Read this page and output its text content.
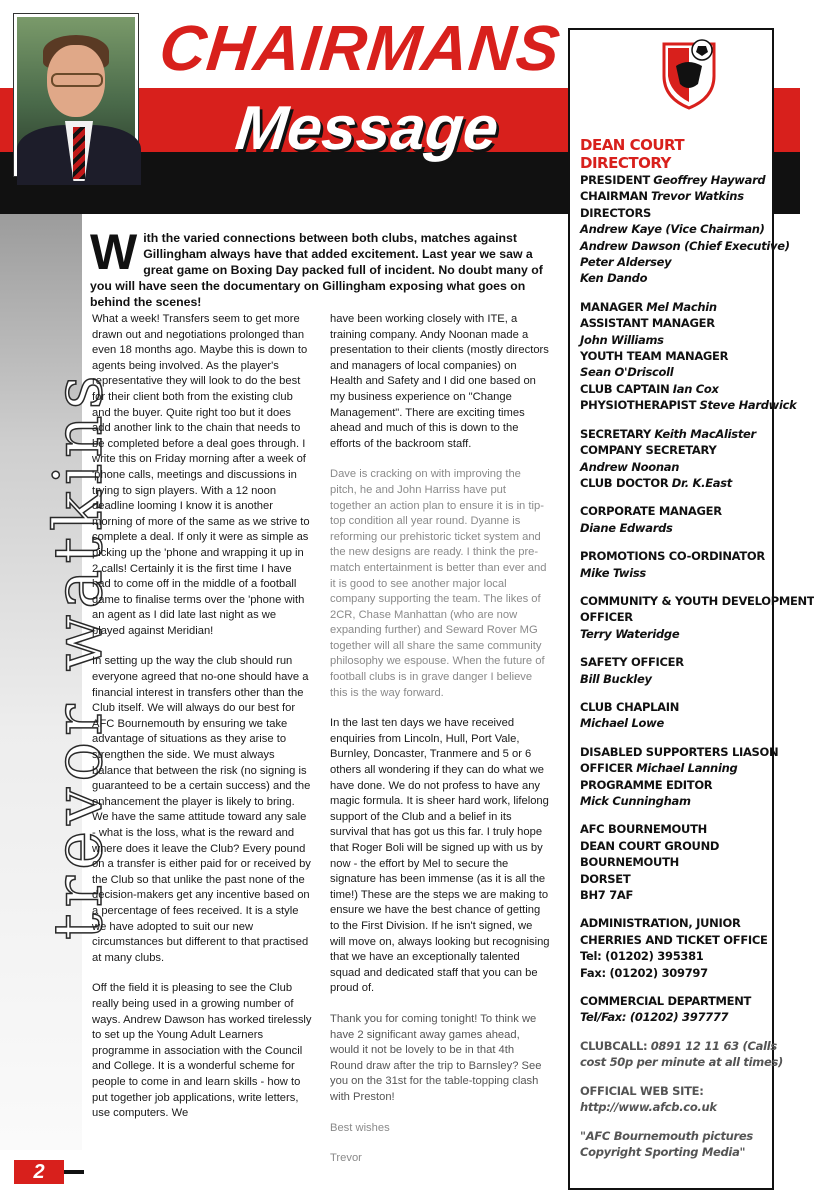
CHAIRMANS
Message
trevor watkins
W ith the varied connections between both clubs, matches against Gillingham always have that added excitement. Last year we saw a great game on Boxing Day packed full of incident. No doubt many of you will have seen the documentary on Gillingham exposing what goes on behind the scenes!

What a week! Transfers seem to get more drawn out and negotiations prolonged than even 18 months ago. Maybe this is down to agents being involved. As the player's representative they will look to do the best for their client both from the existing club and the buyer. Quite right too but it does add another link to the chain that needs to be completed before a deal goes through. I write this on Friday morning after a week of 'phone calls, meetings and discussions in trying to sign players. With a 12 noon deadline looming I know it is another morning of more of the same as we strive to complete a deal. If only it were as simple as picking up the 'phone and wrapping it up in 2 calls! Certainly it is the first time I have had to come off in the middle of a football game to finalise terms over the 'phone with an agent as I did late last night as we played against Meridian!

In setting up the way the club should run everyone agreed that no-one should have a financial interest in transfers other than the Club itself. We will always do our best for AFC Bournemouth by ensuring we take advantage of situations as they arise to strengthen the side. We must always balance that between the risk (no signing is guaranteed to be a certain success) and the enhancement the player is likely to bring. We have the same attitude toward any sale - what is the loss, what is the reward and where does it leave the Club? Every pound on a transfer is either paid for or received by the Club so that unlike the past none of the decision-makers get any incentive based on a percentage of fees received. It is a style we have adopted to suit our new circumstances but different to that practised at many clubs.

Off the field it is pleasing to see the Club really being used in a growing number of ways. Andrew Dawson has worked tirelessly to set up the Young Adult Learners programme in association with the Council and College. It is a wonderful scheme for people to come in and learn skills - how to put together job applications, write letters, use computers. We

have been working closely with ITE, a training company. Andy Noonan made a presentation to their clients (mostly directors and managers of local companies) on Health and Safety and I did one based on my business experience on "Change Management". There are exciting times ahead and much of this is down to the efforts of the backroom staff.

Dave is cracking on with improving the pitch, he and John Harriss have put together an action plan to ensure it is in tip-top condition all year round. Dyanne is reforming our prehistoric ticket system and the new designs are ready. I think the pre-match entertainment is better than ever and it is good to see another major local company supporting the team. The likes of 2CR, Chase Manhattan (who are now expanding further) and Seward Rover MG together will all share the same community philosophy we espouse. When the future of football clubs is in grave danger I believe this is the way forward.

In the last ten days we have received enquiries from Lincoln, Hull, Port Vale, Burnley, Doncaster, Tranmere and 5 or 6 others all wondering if they can do what we have done. We do not profess to have any magic formula. It is sheer hard work, lifelong support of the Club and a belief in its survival that has got us this far. I truly hope that Roger Boli will be signed up with us by now - the effort by Mel to secure the signature has been immense (as it is all the time!) These are the steps we are making to ensure we have the best chance of getting to the First Division. If he isn't signed, we will move on, always looking but recognising that we have an exceptionally talented squad and dedicated staff that you can be proud of.

Thank you for coming tonight! To think we have 2 significant away games ahead, would it not be lovely to be in that 4th Round draw after the trip to Barnsley? See you on the 31st for the table-topping clash with Preston!

Best wishes

Trevor

2
DEAN COURT DIRECTORY
PRESIDENT Geoffrey Hayward
CHAIRMAN Trevor Watkins
DIRECTORS
Andrew Kaye (Vice Chairman)
Andrew Dawson (Chief Executive)
Peter Aldersey
Ken Dando
MANAGER Mel Machin
ASSISTANT MANAGER
John Williams
YOUTH TEAM MANAGER
Sean O'Driscoll
CLUB CAPTAIN Ian Cox
PHYSIOTHERAPIST Steve Hardwick
SECRETARY Keith MacAlister
COMPANY SECRETARY
Andrew Noonan
CLUB DOCTOR Dr. K.East
CORPORATE MANAGER
Diane Edwards
PROMOTIONS CO-ORDINATOR
Mike Twiss
COMMUNITY & YOUTH DEVELOPMENT
OFFICER
Terry Wateridge
SAFETY OFFICER
Bill Buckley
CLUB CHAPLAIN
Michael Lowe
DISABLED SUPPORTERS LIASON
OFFICER Michael Lanning
PROGRAMME EDITOR
Mick Cunningham
AFC BOURNEMOUTH
DEAN COURT GROUND
BOURNEMOUTH
DORSET
BH7 7AF
ADMINISTRATION, JUNIOR
CHERRIES AND TICKET OFFICE
Tel: (01202) 395381
Fax: (01202) 309797
COMMERCIAL DEPARTMENT
Tel/Fax: (01202) 397777
CLUBCALL: 0891 12 11 63 (Calls
cost 50p per minute at all times)
OFFICIAL WEB SITE:
http://www.afcb.co.uk
"AFC Bournemouth pictures
Copyright Sporting Media"
